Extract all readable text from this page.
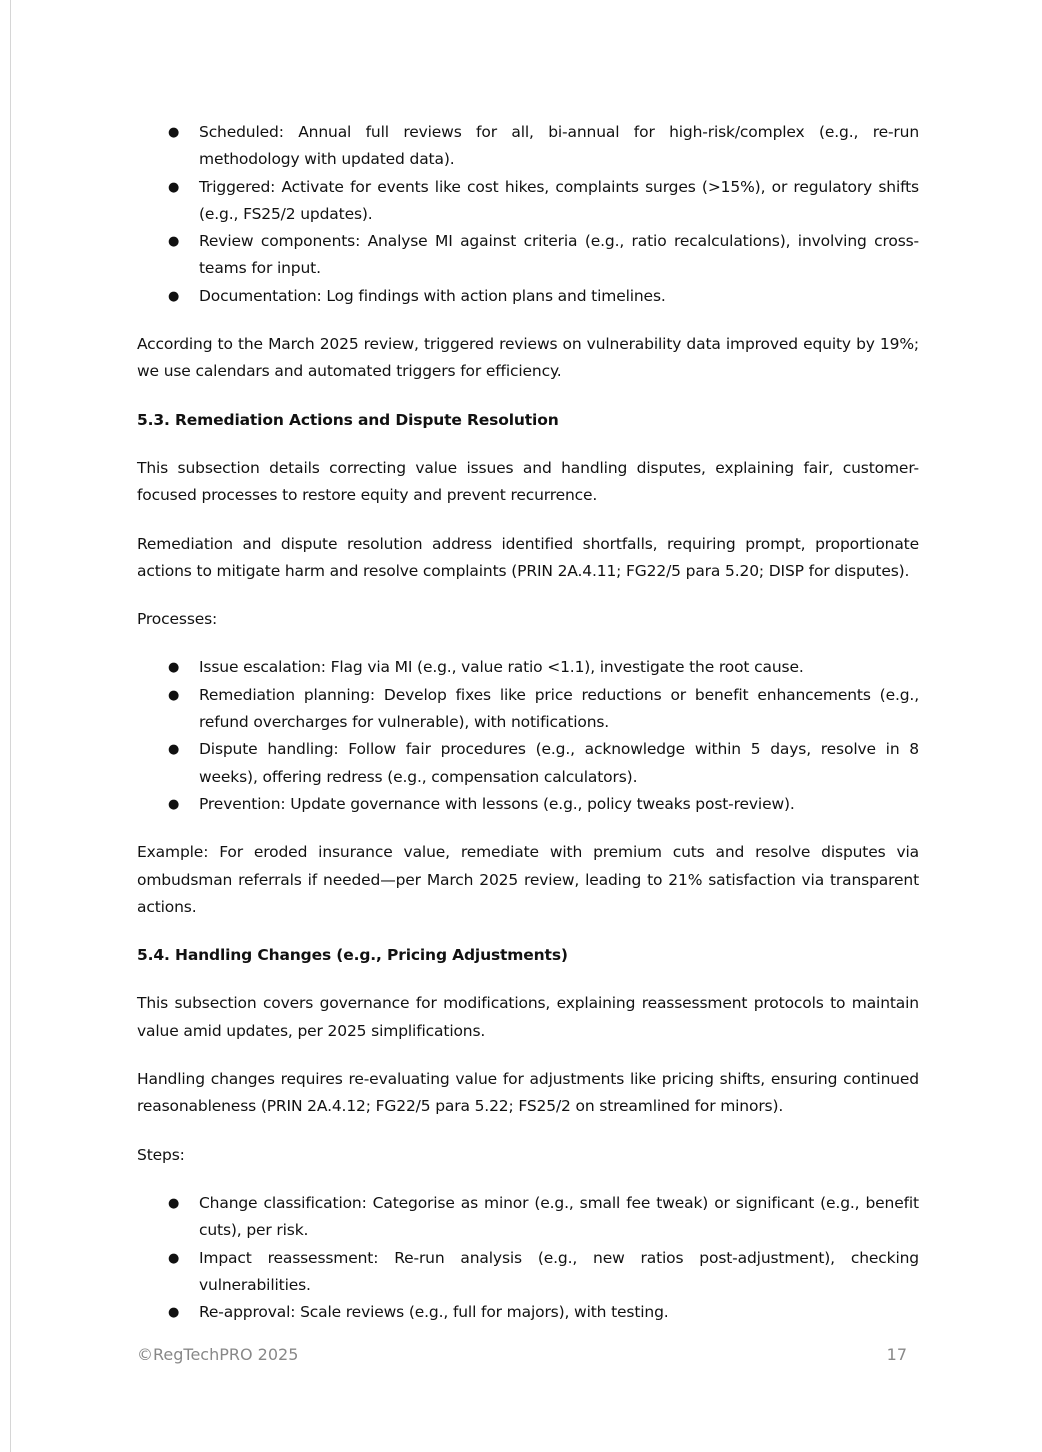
● Scheduled: Annual full reviews for all, bi-annual for high-risk/complex (e.g., re-run methodology with updated data).
● Triggered: Activate for events like cost hikes, complaints surges (>15%), or regulatory shifts (e.g., FS25/2 updates).
● Review components: Analyse MI against criteria (e.g., ratio recalculations), involving cross-teams for input.
● Documentation: Log findings with action plans and timelines.

According to the March 2025 review, triggered reviews on vulnerability data improved equity by 19%; we use calendars and automated triggers for efficiency.

5.3. Remediation Actions and Dispute Resolution

This subsection details correcting value issues and handling disputes, explaining fair, customer-focused processes to restore equity and prevent recurrence.

Remediation and dispute resolution address identified shortfalls, requiring prompt, proportionate actions to mitigate harm and resolve complaints (PRIN 2A.4.11; FG22/5 para 5.20; DISP for disputes).

Processes:

● Issue escalation: Flag via MI (e.g., value ratio <1.1), investigate the root cause.
● Remediation planning: Develop fixes like price reductions or benefit enhancements (e.g., refund overcharges for vulnerable), with notifications.
● Dispute handling: Follow fair procedures (e.g., acknowledge within 5 days, resolve in 8 weeks), offering redress (e.g., compensation calculators).
● Prevention: Update governance with lessons (e.g., policy tweaks post-review).

Example: For eroded insurance value, remediate with premium cuts and resolve disputes via ombudsman referrals if needed—per March 2025 review, leading to 21% satisfaction via transparent actions.

5.4. Handling Changes (e.g., Pricing Adjustments)

This subsection covers governance for modifications, explaining reassessment protocols to maintain value amid updates, per 2025 simplifications.

Handling changes requires re-evaluating value for adjustments like pricing shifts, ensuring continued reasonableness (PRIN 2A.4.12; FG22/5 para 5.22; FS25/2 on streamlined for minors).

Steps:

● Change classification: Categorise as minor (e.g., small fee tweak) or significant (e.g., benefit cuts), per risk.
● Impact reassessment: Re-run analysis (e.g., new ratios post-adjustment), checking vulnerabilities.
● Re-approval: Scale reviews (e.g., full for majors), with testing.
©RegTechPRO 2025	17
